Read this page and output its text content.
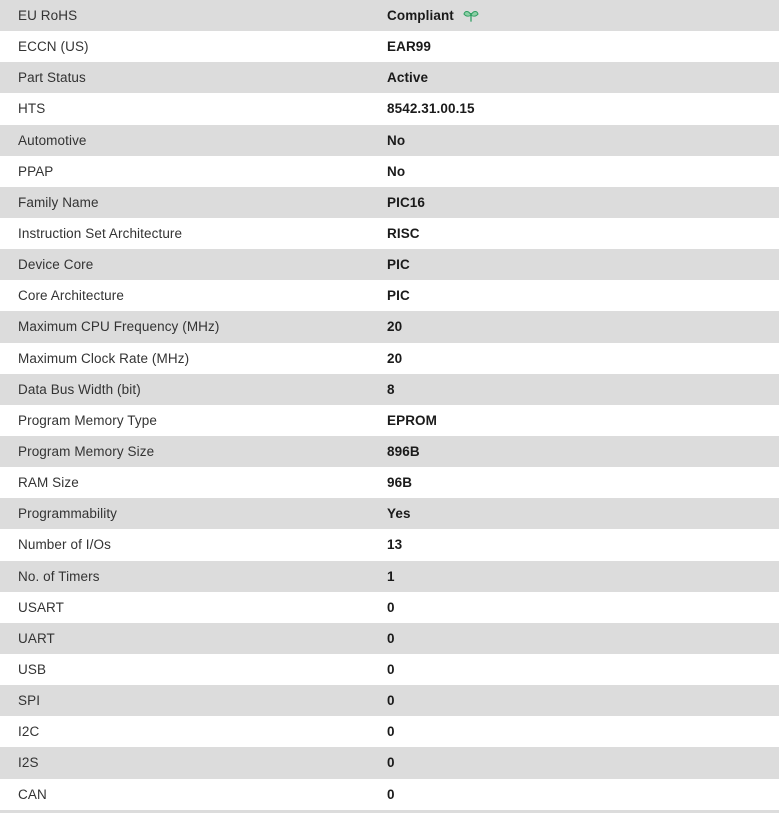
EU RoHS	Compliant
ECCN (US)	EAR99
Part Status	Active
HTS	8542.31.00.15
Automotive	No
PPAP	No
Family Name	PIC16
Instruction Set Architecture	RISC
Device Core	PIC
Core Architecture	PIC
Maximum CPU Frequency (MHz)	20
Maximum Clock Rate (MHz)	20
Data Bus Width (bit)	8
Program Memory Type	EPROM
Program Memory Size	896B
RAM Size	96B
Programmability	Yes
Number of I/Os	13
No. of Timers	1
USART	0
UART	0
USB	0
SPI	0
I2C	0
I2S	0
CAN	0
